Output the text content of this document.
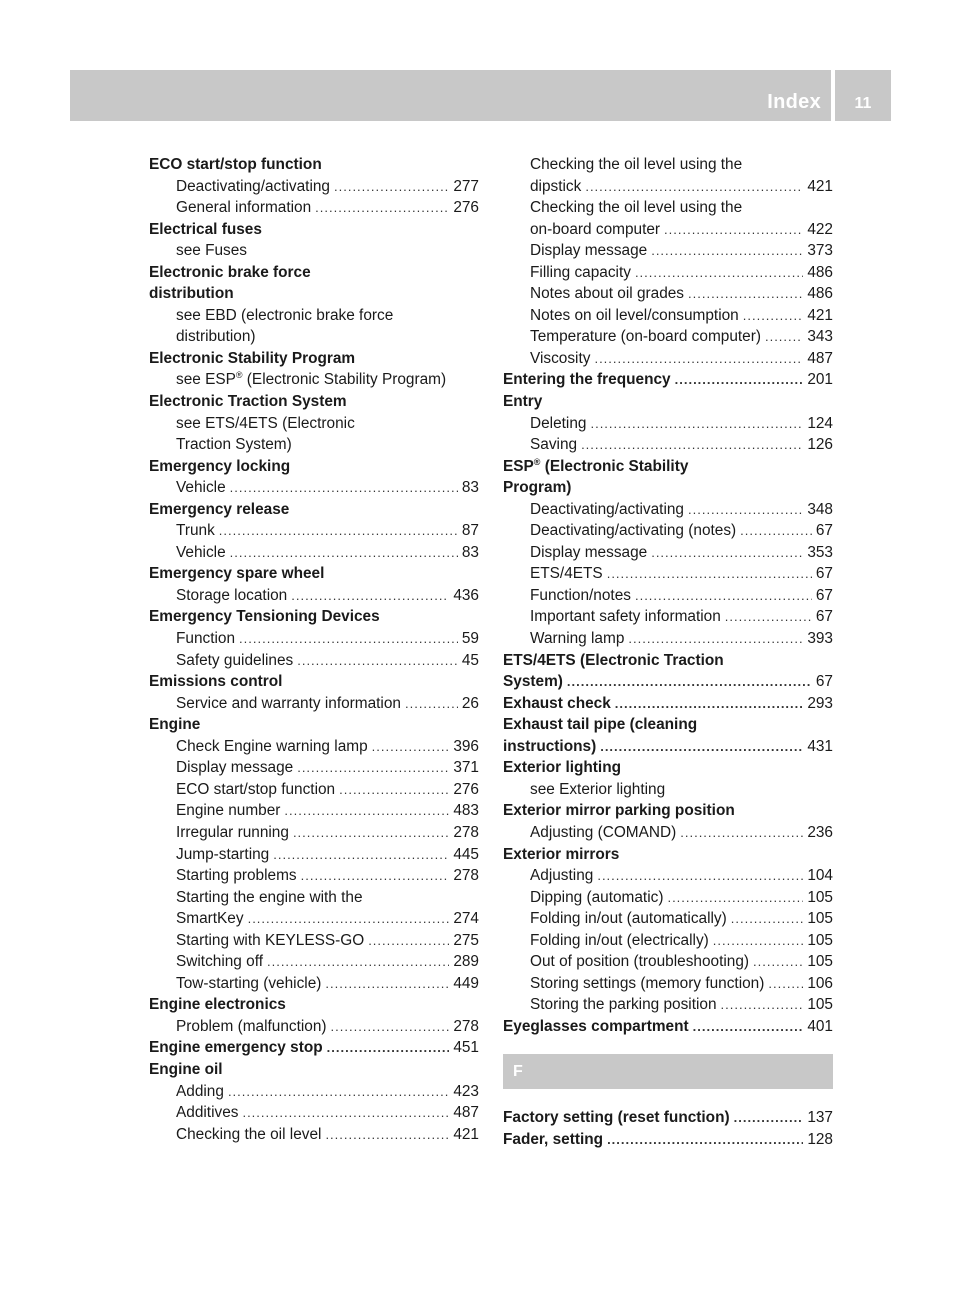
Index	11
ECO start/stop function
Deactivating/activating .....	277
General information .....	276
Electrical fuses
see Fuses
Electronic brake force
distribution
see EBD (electronic brake force
distribution)
Electronic Stability Program
see ESP® (Electronic Stability Program)
Electronic Traction System
see ETS/4ETS (Electronic
Traction System)
Emergency locking
Vehicle .....	83
Emergency release
Trunk .....	87
Vehicle .....	83
Emergency spare wheel
Storage location .....	436
Emergency Tensioning Devices
Function .....	59
Safety guidelines .....	45
Emissions control
Service and warranty information .....	26
Engine
Check Engine warning lamp .....	396
Display message .....	371
ECO start/stop function .....	276
Engine number .....	483
Irregular running .....	278
Jump-starting .....	445
Starting problems .....	278
Starting the engine with the
SmartKey .....	274
Starting with KEYLESS-GO .....	275
Switching off .....	289
Tow-starting (vehicle) .....	449
Engine electronics
Problem (malfunction) .....	278
Engine emergency stop .....	451
Engine oil
Adding .....	423
Additives .....	487
Checking the oil level .....	421
Checking the oil level using the
dipstick .....	421
Checking the oil level using the
on-board computer .....	422
Display message .....	373
Filling capacity .....	486
Notes about oil grades .....	486
Notes on oil level/consumption .....	421
Temperature (on-board computer) .....	343
Viscosity .....	487
Entering the frequency .....	201
Entry
Deleting .....	124
Saving .....	126
ESP® (Electronic Stability
Program)
Deactivating/activating .....	348
Deactivating/activating (notes) .....	67
Display message .....	353
ETS/4ETS .....	67
Function/notes .....	67
Important safety information .....	67
Warning lamp .....	393
ETS/4ETS (Electronic Traction
System) .....	67
Exhaust check .....	293
Exhaust tail pipe (cleaning
instructions) .....	431
Exterior lighting
see Exterior lighting
Exterior mirror parking position
Adjusting (COMAND) .....	236
Exterior mirrors
Adjusting .....	104
Dipping (automatic) .....	105
Folding in/out (automatically) .....	105
Folding in/out (electrically) .....	105
Out of position (troubleshooting) .....	105
Storing settings (memory function) .....	106
Storing the parking position .....	105
Eyeglasses compartment .....	401
F
Factory setting (reset function) .....	137
Fader, setting .....	128
